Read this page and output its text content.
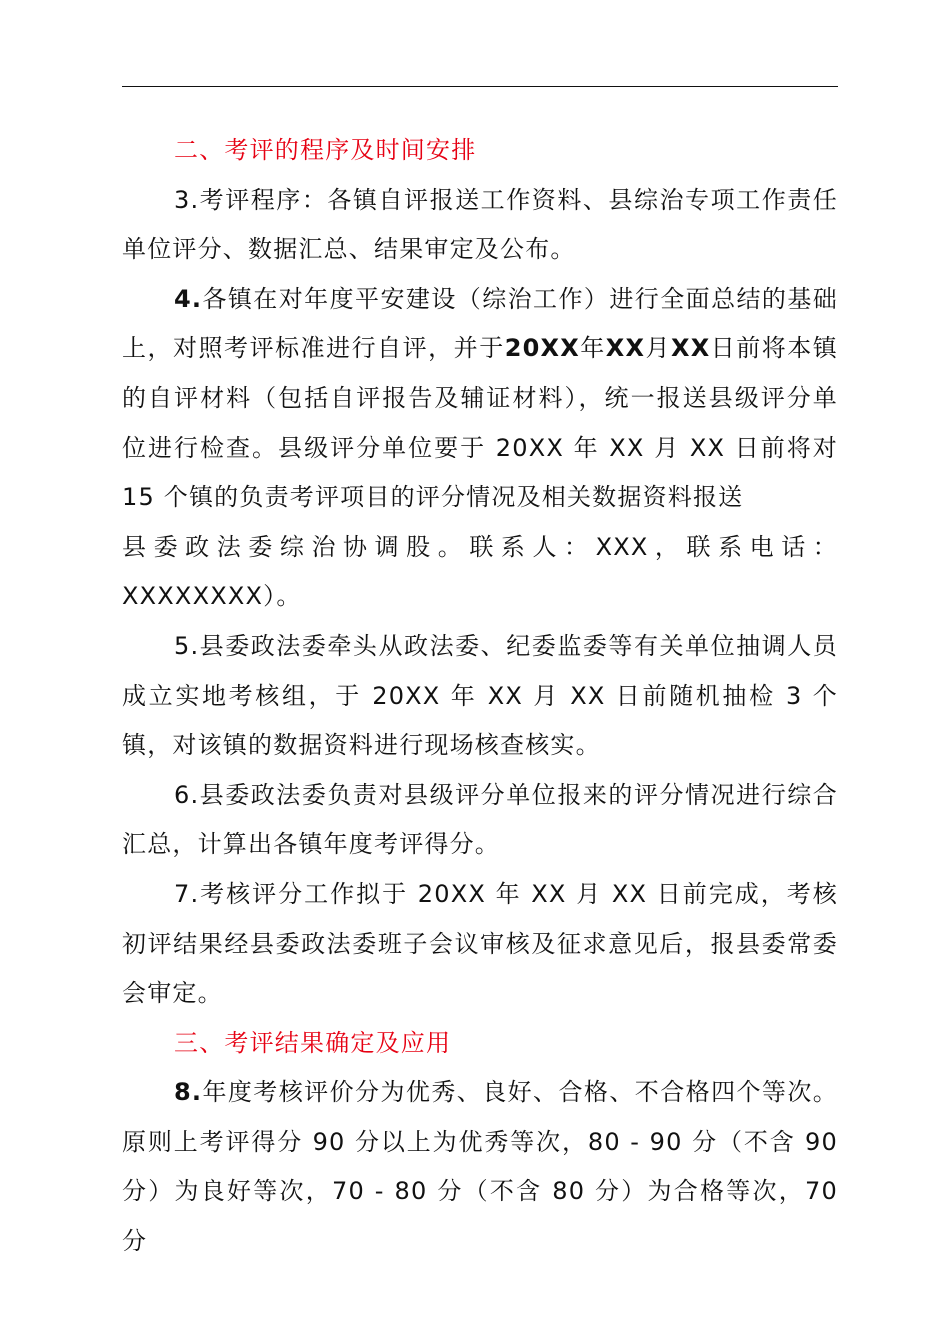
二、考评的程序及时间安排

3.考评程序：各镇自评报送工作资料、县综治专项工作责任单位评分、数据汇总、结果审定及公布。

4.各镇在对年度平安建设（综治工作）进行全面总结的基础上，对照考评标准进行自评，并于20XX年XX月XX日前将本镇的自评材料（包括自评报告及辅证材料），统一报送县级评分单位进行检查。县级评分单位要于 20XX 年 XX 月 XX 日前将对 15 个镇的负责考评项目的评分情况及相关数据资料报送

县委政法委综治协调股。联系人：XXX，联系电话：

XXXXXXXX）。

5.县委政法委牵头从政法委、纪委监委等有关单位抽调人员成立实地考核组，于 20XX 年 XX 月 XX 日前随机抽检 3 个镇，对该镇的数据资料进行现场核查核实。

6.县委政法委负责对县级评分单位报来的评分情况进行综合汇总，计算出各镇年度考评得分。

7.考核评分工作拟于 20XX 年 XX 月 XX 日前完成，考核初评结果经县委政法委班子会议审核及征求意见后，报县委常委会审定。

三、考评结果确定及应用

8.年度考核评价分为优秀、良好、合格、不合格四个等次。原则上考评得分 90 分以上为优秀等次，80 - 90 分（不含 90 分）为良好等次，70 - 80 分（不含 80 分）为合格等次，70 分
